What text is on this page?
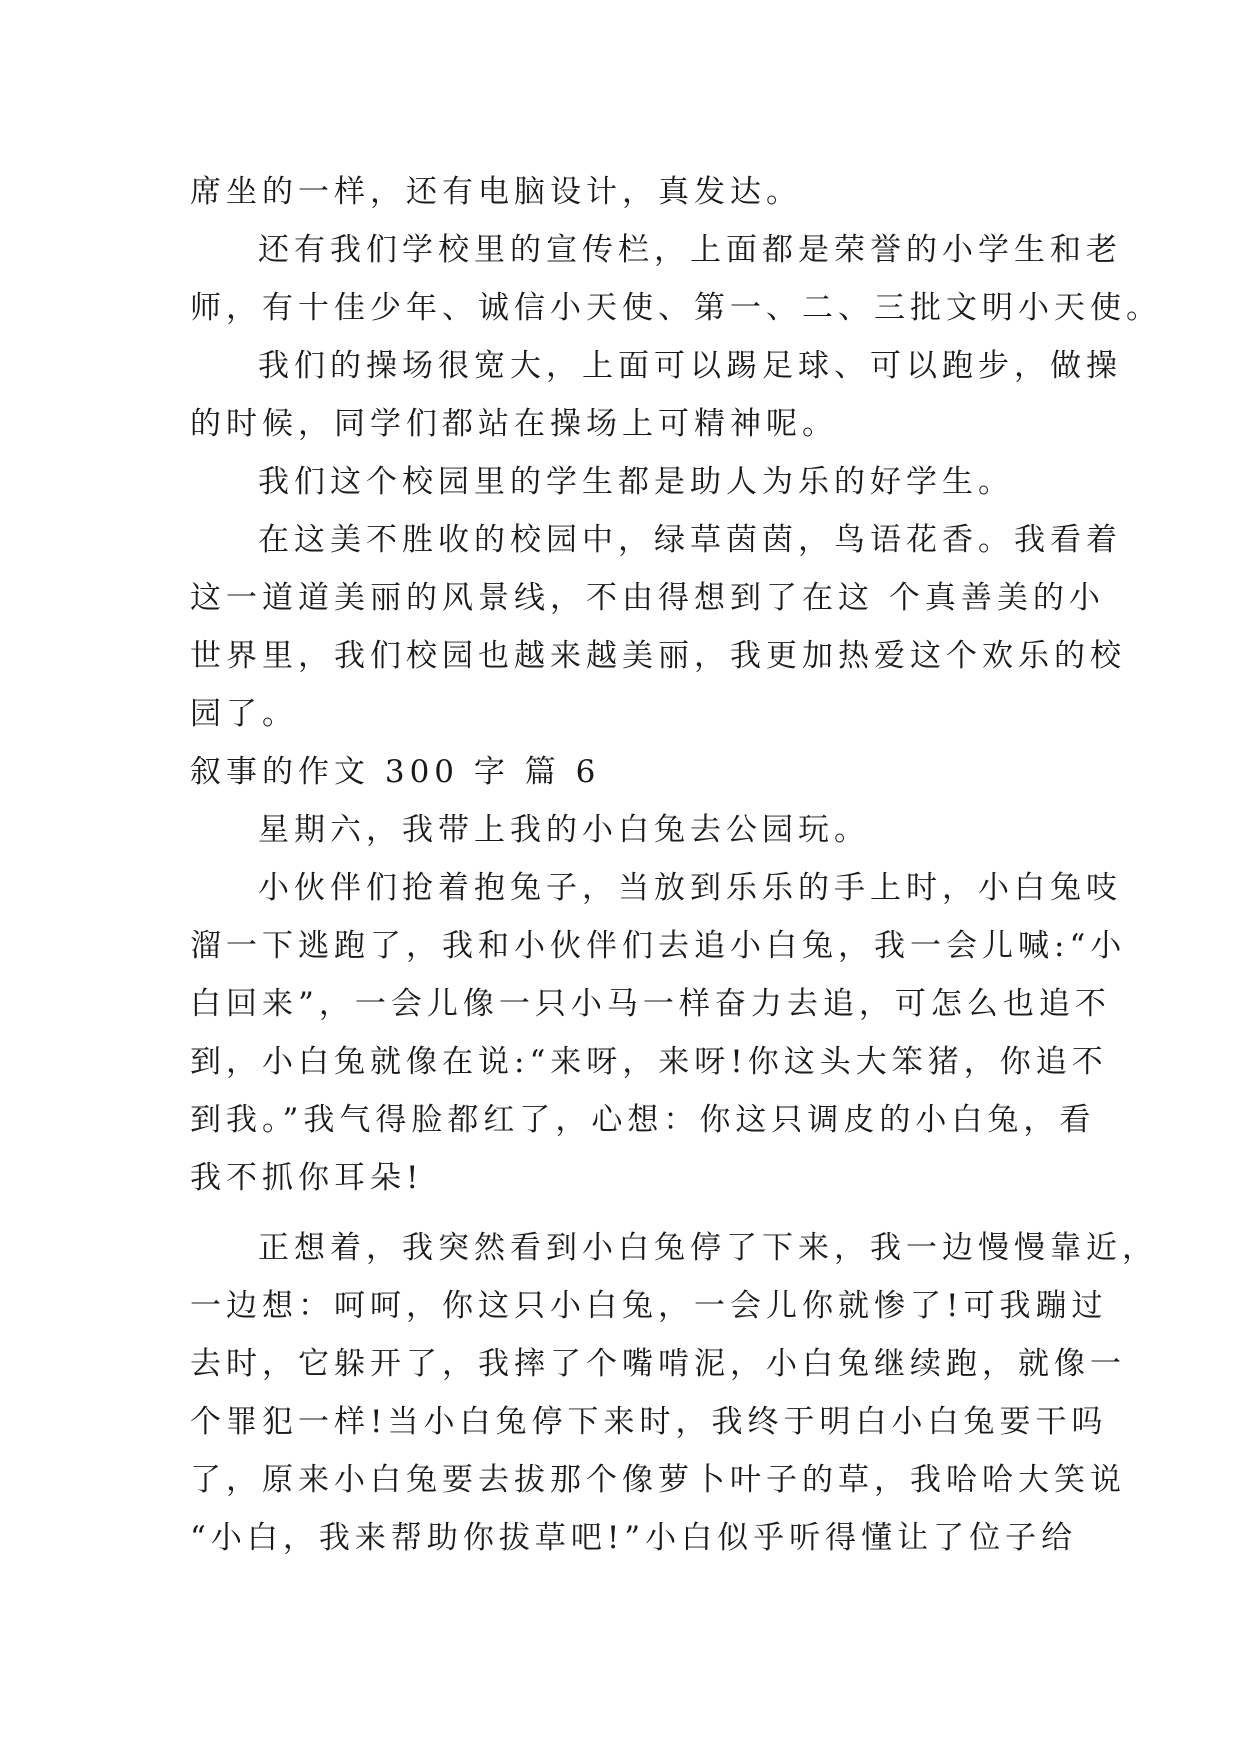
席坐的一样，还有电脑设计，真发达。
还有我们学校里的宣传栏，上面都是荣誉的小学生和老
师，有十佳少年、诚信小天使、第一、二、三批文明小天使。
我们的操场很宽大，上面可以踢足球、可以跑步，做操
的时候，同学们都站在操场上可精神呢。
我们这个校园里的学生都是助人为乐的好学生。
在这美不胜收的校园中，绿草茵茵，鸟语花香。我看着
这一道道美丽的风景线，不由得想到了在这 个真善美的小
世界里，我们校园也越来越美丽，我更加热爱这个欢乐的校
园了。
叙事的作文 300 字 篇 6
星期六，我带上我的小白兔去公园玩。
小伙伴们抢着抱兔子，当放到乐乐的手上时，小白兔吱
溜一下逃跑了，我和小伙伴们去追小白兔，我一会儿喊:“小
白回来”，一会儿像一只小马一样奋力去追，可怎么也追不
到，小白兔就像在说:“来呀，来呀!你这头大笨猪，你追不
到我。”我气得脸都红了，心想：你这只调皮的小白兔，看
我不抓你耳朵!
正想着，我突然看到小白兔停了下来，我一边慢慢靠近，
一边想：呵呵，你这只小白兔，一会儿你就惨了!可我蹦过
去时，它躲开了，我摔了个嘴啃泥，小白兔继续跑，就像一
个罪犯一样!当小白兔停下来时，我终于明白小白兔要干吗
了，原来小白兔要去拔那个像萝卜叶子的草，我哈哈大笑说
“小白，我来帮助你拔草吧!”小白似乎听得懂让了位子给
